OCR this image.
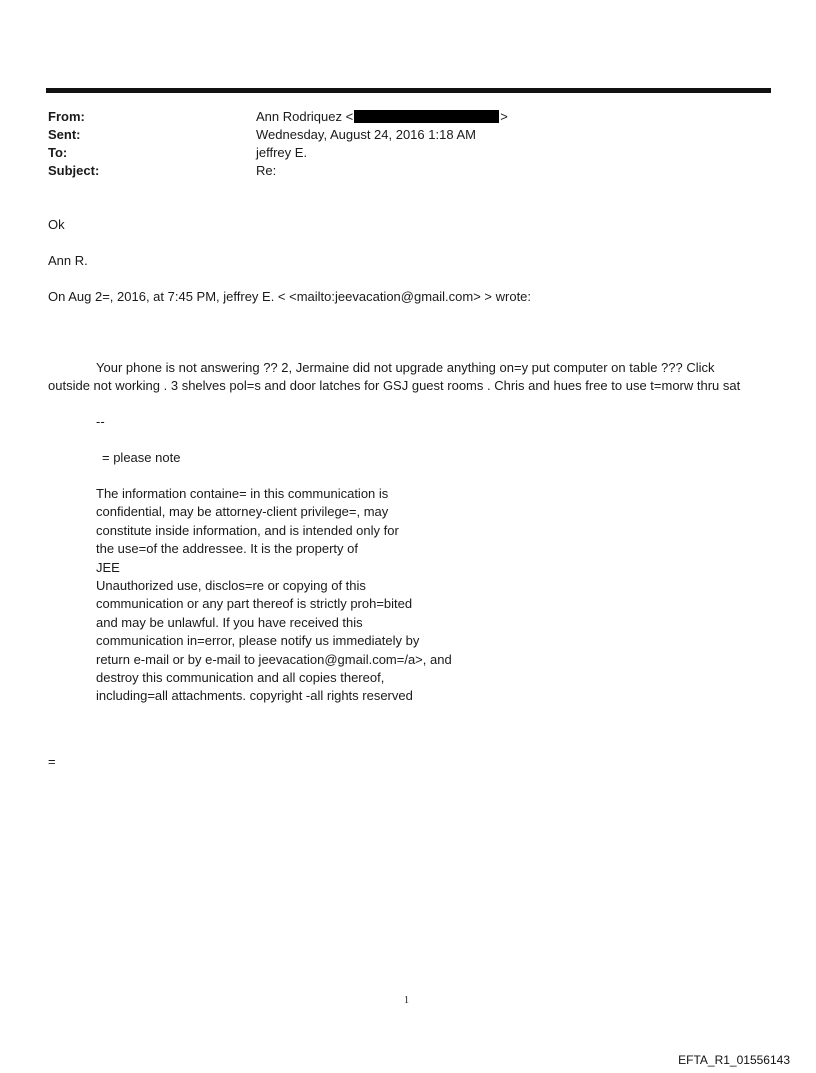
From:	Ann Rodriquez <	>
Sent:	Wednesday, August 24, 2016 1:18 AM
To:	jeffrey E.
Subject:	Re:
Ok
Ann R.
On Aug 2=, 2016, at 7:45 PM, jeffrey E. < <mailto:jeevacation@gmail.com> > wrote:
Your phone is not answering ?? 2, Jermaine did not upgrade anything on=y put computer on table ??? Click
outside not working . 3 shelves pol=s and door latches for GSJ guest rooms . Chris and hues free to use t=morw thru sat
--
= please note
The information containe= in this communication is
confidential, may be attorney-client privilege=, may
constitute inside information, and is intended only for
the use=of the addressee. It is the property of
JEE
Unauthorized use, disclos=re or copying of this
communication or any part thereof is strictly proh=bited
and may be unlawful. If you have received this
communication in=error, please notify us immediately by
return e-mail or by e-mail to jeevacation@gmail.com=/a>, and
destroy this communication and all copies thereof,
including=all attachments. copyright -all rights reserved
=
1
EFTA_R1_01556143
